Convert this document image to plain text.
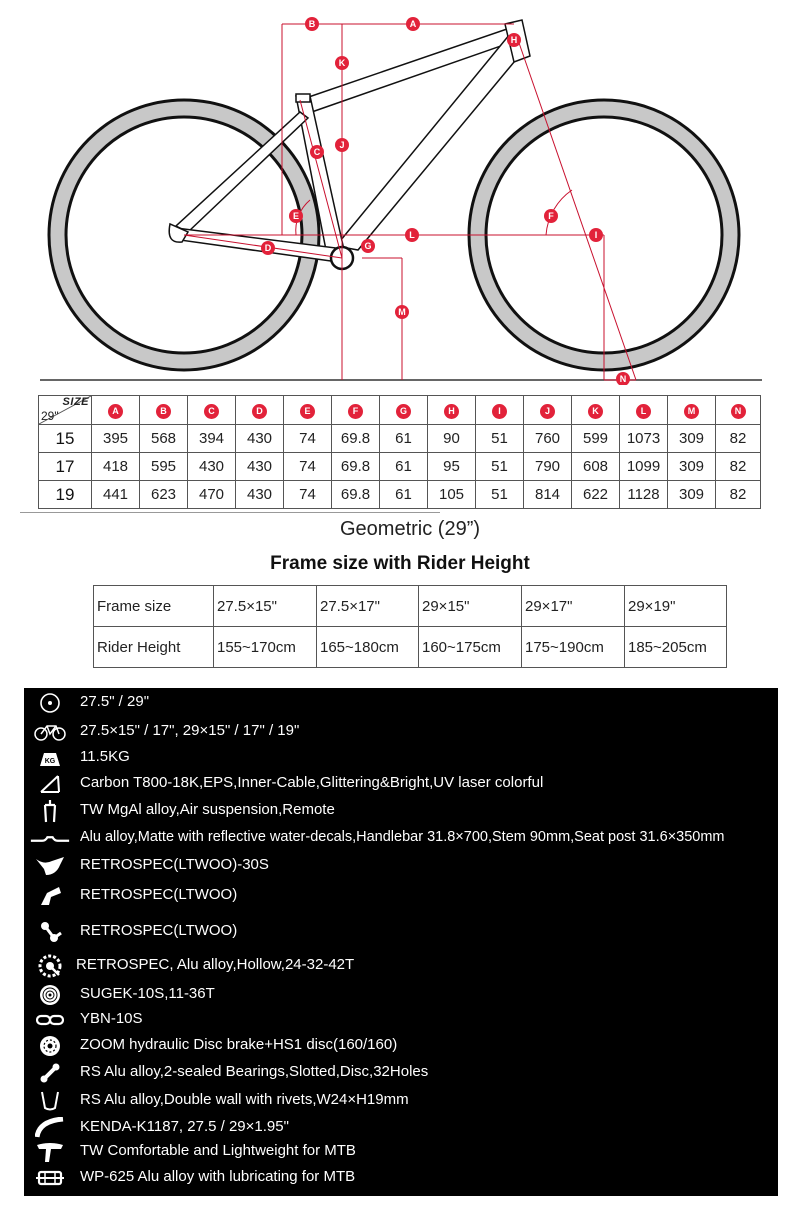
A
B
C
D
E	F
G
H
I
J
K
L
M
N
SIZE
29"	A	B	C	D	E	F	G	H	I	J	K	L	M	N
15	395	568	394	430	74	69.8	61	90	51	760	599	1073	309	82
17	418	595	430	430	74	69.8	61	95	51	790	608	1099	309	82
19	441	623	470	430	74	69.8	61	105	51	814	622	1128	309	82
Geometric (29”)
Frame size with Rider Height
Frame size	27.5×15"	27.5×17"	29×15"	29×17"	29×19"
Rider Height	155~170cm	165~180cm	160~175cm	175~190cm	185~205cm
27.5" / 29"
27.5×15" / 17", 29×15" / 17" / 19"
KG 11.5KG
Carbon T800-18K,EPS,Inner-Cable,Glittering&Bright,UV laser colorful
TW MgAl alloy,Air suspension,Remote
Alu alloy,Matte with reflective water-decals,Handlebar 31.8×700,Stem 90mm,Seat post 31.6×350mm
RETROSPEC(LTWOO)-30S
RETROSPEC(LTWOO)
RETROSPEC(LTWOO)
RETROSPEC, Alu alloy,Hollow,24-32-42T
SUGEK-10S,11-36T
YBN-10S
ZOOM hydraulic Disc brake+HS1 disc(160/160)
RS Alu alloy,2-sealed Bearings,Slotted,Disc,32Holes
RS Alu alloy,Double wall with rivets,W24×H19mm
KENDA-K1187, 27.5 / 29×1.95"
TW Comfortable and Lightweight for MTB
WP-625 Alu alloy with lubricating for MTB
